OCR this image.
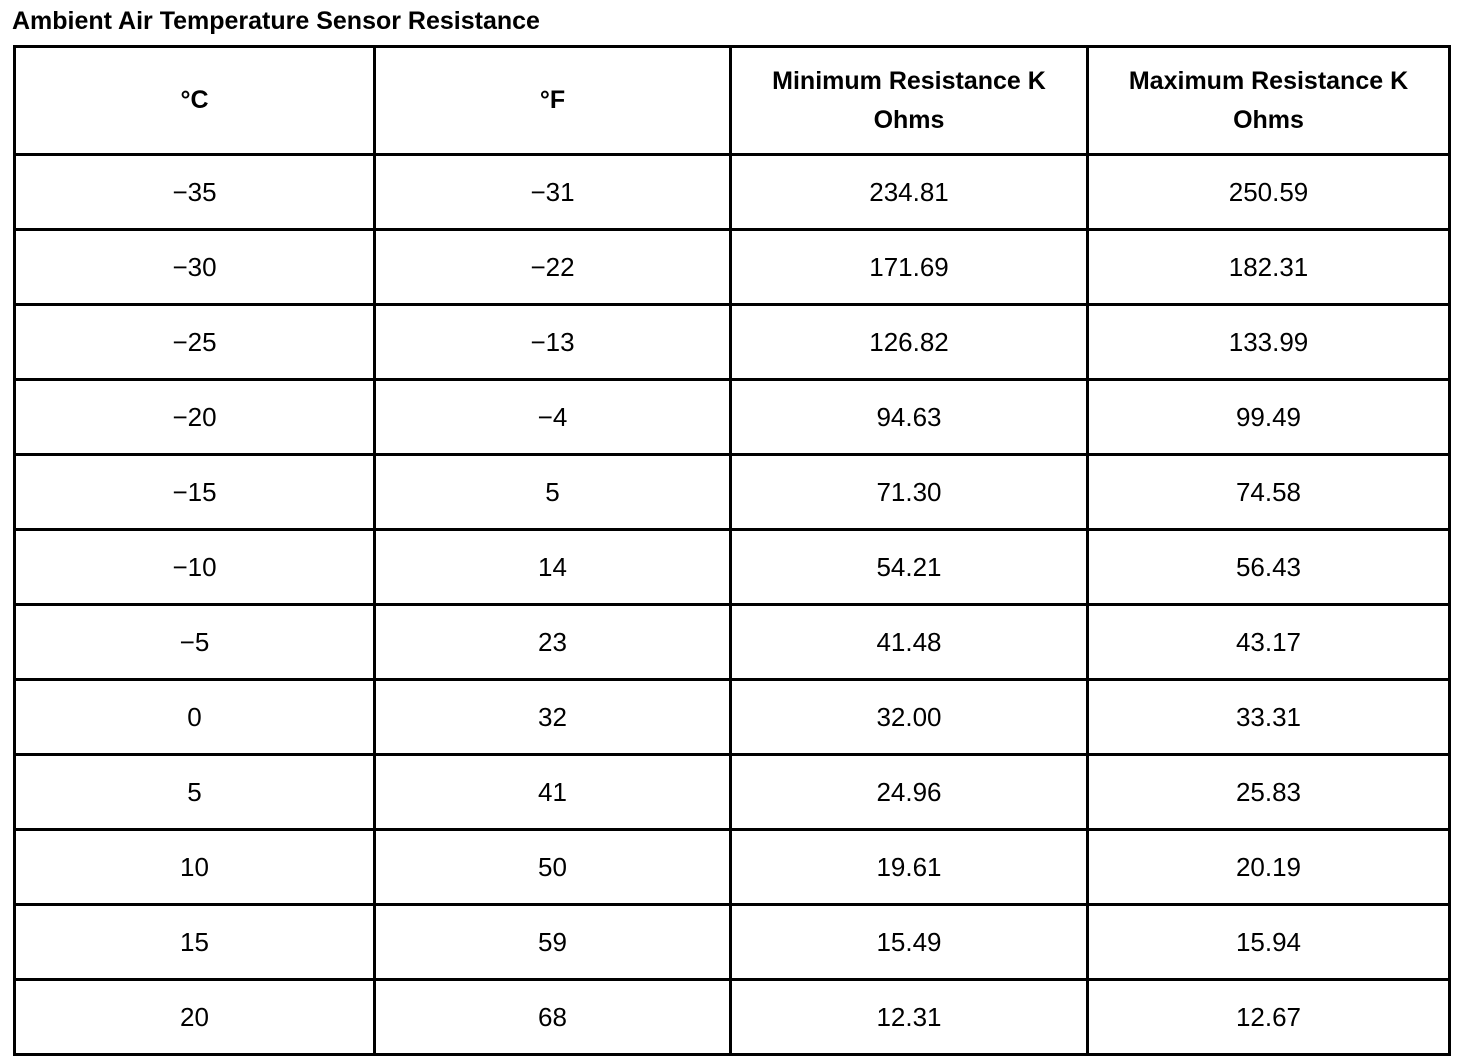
Ambient Air Temperature Sensor Resistance
°C	°F	Minimum Resistance K Ohms	Maximum Resistance K Ohms
−35	−31	234.81	250.59
−30	−22	171.69	182.31
−25	−13	126.82	133.99
−20	−4	94.63	99.49
−15	5	71.30	74.58
−10	14	54.21	56.43
−5	23	41.48	43.17
0	32	32.00	33.31
5	41	24.96	25.83
10	50	19.61	20.19
15	59	15.49	15.94
20	68	12.31	12.67
